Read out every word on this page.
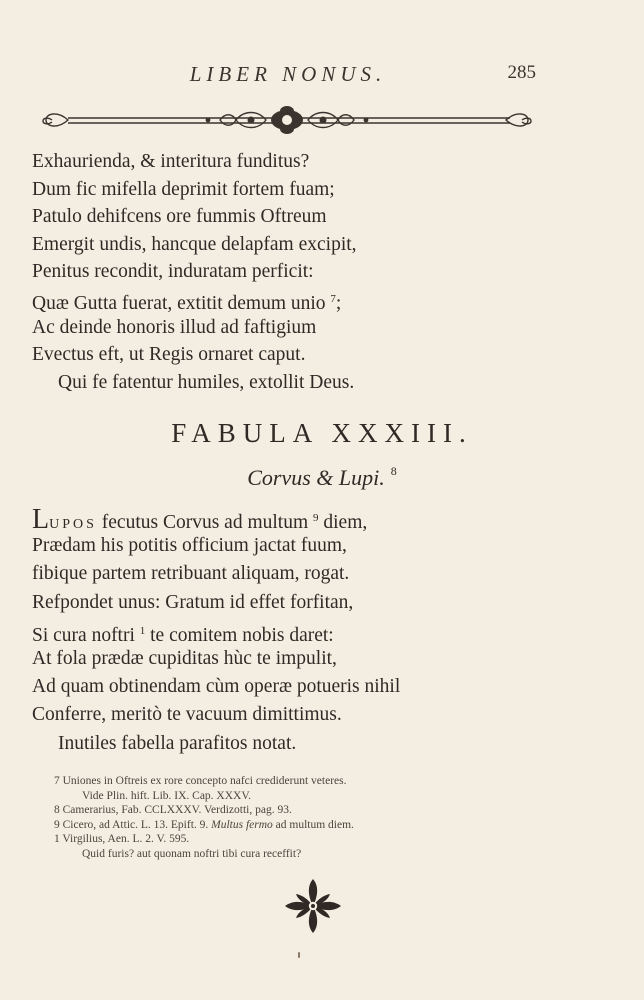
LIBER NONUS.	285
Exhaurienda, & interitura funditus?
Dum fic mifella deprimit fortem fuam;
Patulo dehifcens ore fummis Oftreum
Emergit undis, hancque delapfam excipit,
Penitus recondit, induratam perficit:
Quæ Gutta fuerat, extitit demum unio $^7$;
Ac deinde honoris illud ad faftigium
Evectus eft, ut Regis ornaret caput.
Qui fe fatentur humiles, extollit Deus.
FABULA XXXIII.
Corvus & Lupi. $^8$
LUPOS fecutus Corvus ad multum $^9$ diem,
Prædam his potitis officium jactat fuum,
fibique partem retribuant aliquam, rogat.
Refpondet unus: Gratum id effet forfitan,
Si cura noftri $^1$ te comitem nobis daret:
At fola prædæ cupiditas hùc te impulit,
Ad quam obtinendam cùm operæ potueris nihil
Conferre, meritò te vacuum dimittimus.
Inutiles fabella parafitos notat.
7 Uniones in Oftreis ex rore concepto nafci crediderunt veteres.
Vide Plin. hift. Lib. IX. Cap. XXXV.
8 Camerarius, Fab. CCLXXXV. Verdizotti, pag. 93.
9 Cicero, ad Attic. L. 13. Epift. 9. Multus fermo ad multum diem.
1 Virgilius, Aen. L. 2. V. 595.
Quid furis? aut quonam noftri tibi cura receffit?
